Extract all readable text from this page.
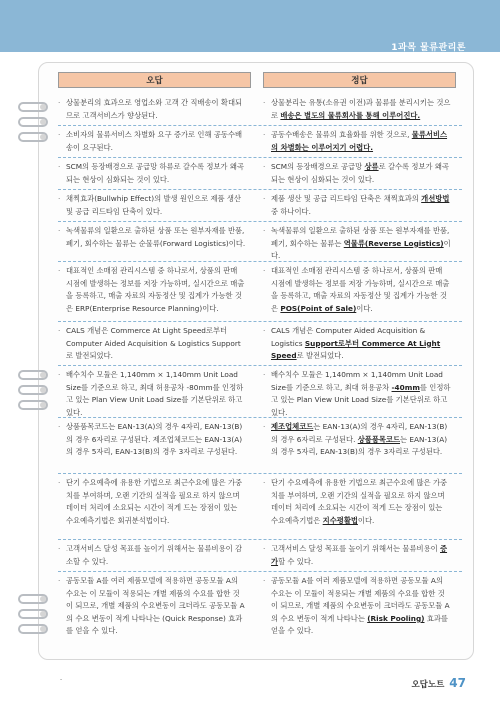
1과목 물류관리론
오답	정답
· 상물분리의 효과으로 영업소와 고객 간 직배송이 확대되므로 고객서비스가 향상된다.
· 상물분리는 유통(소유권 이전)과 물류를 분리시키는 것으로 배송은 별도의 물류회사를 통해 이루어진다.
· 소비자의 물류서비스 차별화 요구 증가로 인해 공동수배송이 요구된다.
· 공동수배송은 물류의 효율화를 위한 것으로, 물류서비스의 차별화는 이루어지기 어렵다.
· SCM의 등장배경으로 공급망 하류로 갈수록 정보가 왜곡되는 현상이 심화되는 것이 있다.
· SCM의 등장배경으로 공급망 상류로 갈수록 정보가 왜곡되는 현상이 심화되는 것이 있다.
· 채찍효과(Bullwhip Effect)의 발생 원인으로 제품 생산 및 공급 리드타임 단축이 있다.
· 제품 생산 및 공급 리드타임 단축은 채찍효과의 개선방법 중 하나이다.
· 녹색물류의 일환으로 출하된 상품 또는 원부자재를 반품, 폐기, 회수하는 물류는 순물류(Forward Logistics)이다.
· 녹색물류의 일환으로 출하된 상품 또는 원부자재를 반품, 폐기, 회수하는 물류는 역물류(Reverse Logistics)이다.
· 대표적인 소매점 관리시스템 중 하나로서, 상품의 판매 시점에 발생하는 정보를 저장 가능하며, 실시간으로 매출을 등록하고, 매출 자료의 자동정산 및 집계가 가능한 것은 ERP(Enterprise Resource Planning)이다.
· 대표적인 소매점 관리시스템 중 하나로서, 상품의 판매 시점에 발생하는 정보를 저장 가능하며, 실시간으로 매출을 등록하고, 매출 자료의 자동정산 및 집계가 가능한 것은 POS(Point of Sale)이다.
· CALS 개념은 Commerce At Light Speed로부터 Computer Aided Acquisition & Logistics Support로 발전되었다.
· CALS 개념은 Computer Aided Acquisition & Logistics Support로부터 Commerce At Light Speed로 발전되었다.
· 배수치수 모듈은 1,140mm × 1,140mm Unit Load Size를 기준으로 하고, 최대 허용공차 -80mm를 인정하고 있는 Plan View Unit Load Size를 기본단위로 하고 있다.
· 배수치수 모듈은 1,140mm × 1,140mm Unit Load Size를 기준으로 하고, 최대 허용공차 -40mm를 인정하고 있는 Plan View Unit Load Size를 기본단위로 하고 있다.
· 상품품목코드는 EAN-13(A)의 경우 4자리, EAN-13(B)의 경우 6자리로 구성된다. 제조업체코드는 EAN-13(A)의 경우 5자리, EAN-13(B)의 경우 3자리로 구성된다.
· 제조업체코드는 EAN-13(A)의 경우 4자리, EAN-13(B)의 경우 6자리로 구성된다. 상품품목코드는 EAN-13(A)의 경우 5자리, EAN-13(B)의 경우 3자리로 구성된다.
· 단기 수요예측에 유용한 기법으로 최근수요에 많은 가중치를 부여하며, 오랜 기간의 실적을 필요로 하지 않으며 데이터 처리에 소요되는 시간이 적게 드는 장점이 있는 수요예측기법은 회귀분석법이다.
· 단기 수요예측에 유용한 기법으로 최근수요에 많은 가중치를 부여하며, 오랜 기간의 실적을 필요로 하지 않으며 데이터 처리에 소요되는 시간이 적게 드는 장점이 있는 수요예측기법은 지수평활법이다.
· 고객서비스 달성 목표를 높이기 위해서는 물류비용이 감소할 수 있다.
· 고객서비스 달성 목표를 높이기 위해서는 물류비용이 증가할 수 있다.
· 공동모듈 A를 여러 제품모델에 적용하면 공동모듈 A의 수요는 이 모듈이 적용되는 개별 제품의 수요를 합한 것이 되므로, 개별 제품의 수요변동이 크더라도 공동모듈 A의 수요 변동이 적게 나타나는 (Quick Response) 효과를 얻을 수 있다.
· 공동모듈 A를 여러 제품모델에 적용하면 공동모듈 A의 수요는 이 모듈이 적용되는 개별 제품의 수요를 합한 것이 되므로, 개별 제품의 수요변동이 크더라도 공동모듈 A의 수요 변동이 적게 나타나는 (Risk Pooling) 효과를 얻을 수 있다.
-
오답노트 47
